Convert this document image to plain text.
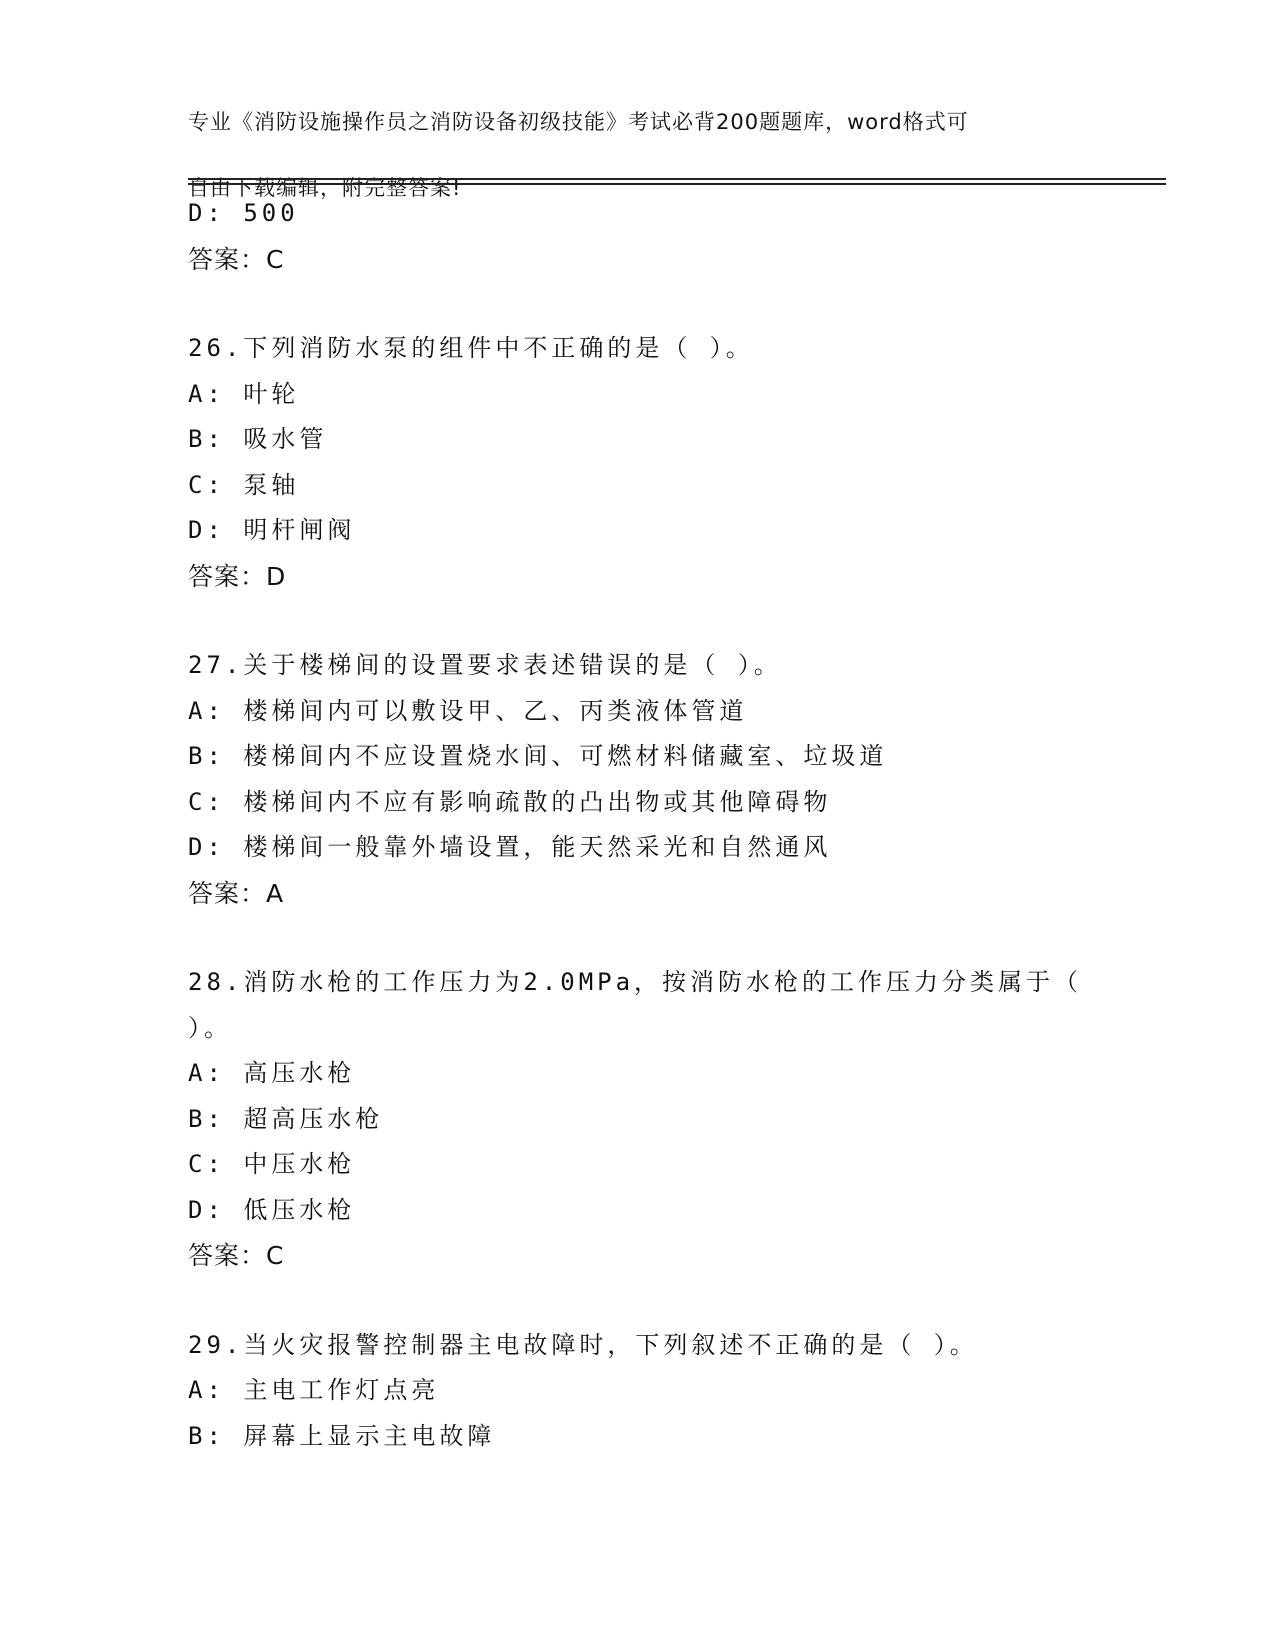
专业《消防设施操作员之消防设备初级技能》考试必背200题题库，word格式可

自由下载编辑，附完整答案!

D: 500
答案：C
26.下列消防水泵的组件中不正确的是（ ）。
A: 叶轮
B: 吸水管
C: 泵轴
D: 明杆闸阀
答案：D
27.关于楼梯间的设置要求表述错误的是（ ）。
A: 楼梯间内可以敷设甲、乙、丙类液体管道
B: 楼梯间内不应设置烧水间、可燃材料储藏室、垃圾道
C: 楼梯间内不应有影响疏散的凸出物或其他障碍物
D: 楼梯间一般靠外墙设置，能天然采光和自然通风
答案：A
28.消防水枪的工作压力为2.0MPa，按消防水枪的工作压力分类属于（
）。
A: 高压水枪
B: 超高压水枪
C: 中压水枪
D: 低压水枪
答案：C
29.当火灾报警控制器主电故障时，下列叙述不正确的是（ ）。
A: 主电工作灯点亮
B: 屏幕上显示主电故障
